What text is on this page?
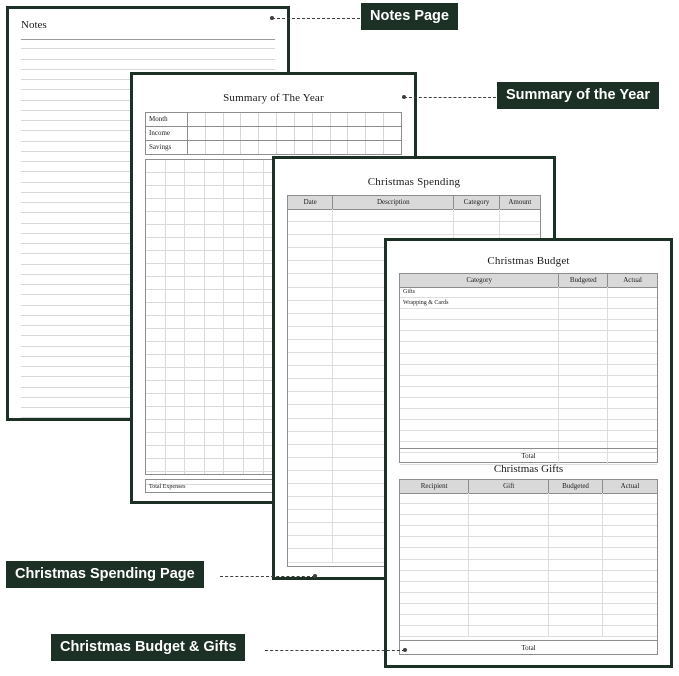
Notes
Summary of The Year
Month
Income
Savings
Total Expenses
Christmas Spending
Date	Description	Category	Amount
Christmas Budget
Category	Budgeted	Actual
Gifts
Wrapping & Cards
Total
Christmas Gifts
Recipient	Gift	Budgeted	Actual
Total
Notes Page
Summary of the Year
Christmas Spending Page
Christmas Budget & Gifts
